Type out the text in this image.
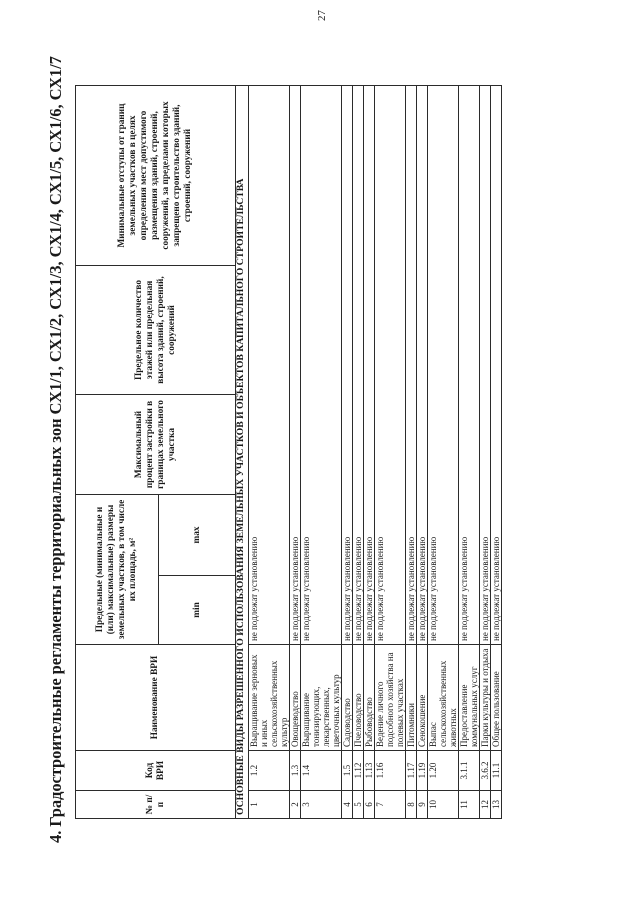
27
4. Градостроительные регламенты территориальных зон СХ1/1, СХ1/2, СХ1/3, СХ1/4, СХ1/5, СХ1/6, СХ1/7	№ п/п	Код ВРИ	Наименование ВРИ	Предельные (минимальные и (или) максимальные) размеры земельных участков, в том числе их площадь, м²		Максимальный процент застройки в границах земельного участка	Предельное количество этажей или предельная высота зданий, строений, сооружений	Минимальные отступы от границ земельных участков в целях определения мест допустимого размещения зданий, строений, сооружений, за пределами которых запрещено строительство зданий, строений, сооружений
			min	max			
ОСНОВНЫЕ ВИДЫ РАЗРЕШЕННОГО ИСПОЛЬЗОВАНИЯ ЗЕМЕЛЬНЫХ УЧАСТКОВ И ОБЪЕКТОВ КАПИТАЛЬНОГО СТРОИТЕЛЬСТВА							
1	1.2	Выращивание зерновых и иных сельскохозяйственных культур	не подлежат установлению				
2	1.3	Овощеводство	не подлежат установлению				
3	1.4	Выращивание тонизирующих, лекарственных, цветочных культур	не подлежат установлению				
4	1.5	Садоводство	не подлежат установлению				
5	1.12	Пчеловодство	не подлежат установлению				
6	1.13	Рыбоводство	не подлежат установлению				
7	1.16	Ведение личного подсобного хозяйства на полевых участках	не подлежат установлению				
8	1.17	Питомники	не подлежат установлению				
9	1.19	Сенокошение	не подлежат установлению				
10	1.20	Выпас сельскохозяйственных животных	не подлежат установлению				
11	3.1.1	Предоставление коммунальных услуг	не подлежат установлению				
12	3.6.2	Парки культуры и отдыха	не подлежат установлению				
13	11.1	Общее пользование	не подлежат установлению				
